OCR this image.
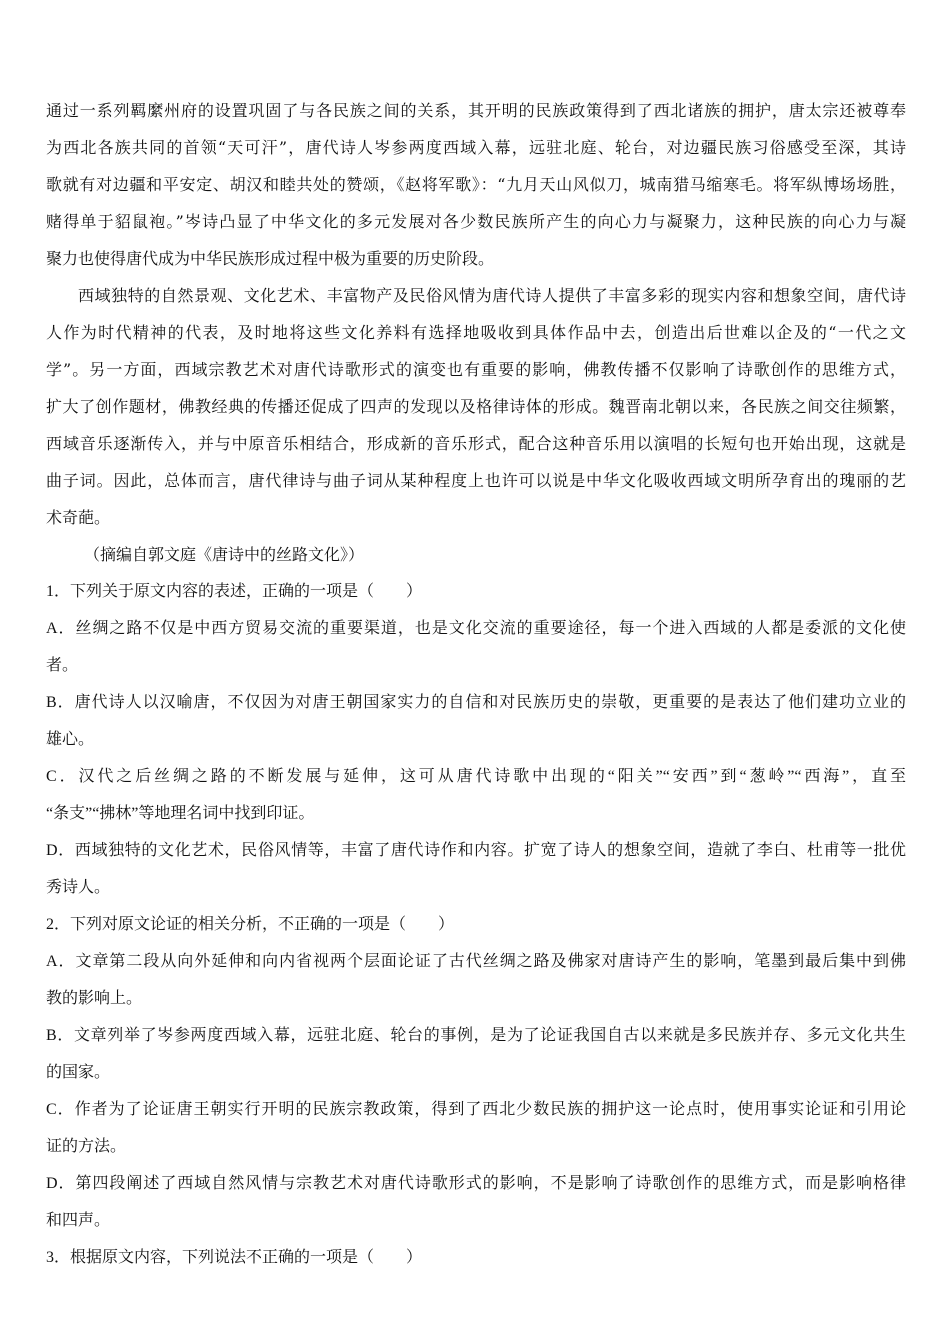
通过一系列羁縻州府的设置巩固了与各民族之间的关系，其开明的民族政策得到了西北诸族的拥护，唐太宗还被尊奉
为西北各族共同的首领“天可汗”，唐代诗人岑参两度西域入幕，远驻北庭、轮台，对边疆民族习俗感受至深，其诗
歌就有对边疆和平安定、胡汉和睦共处的赞颂，《赵将军歌》：“九月天山风似刀，城南猎马缩寒毛。将军纵博场场胜，
赌得单于貂鼠袍。”岑诗凸显了中华文化的多元发展对各少数民族所产生的向心力与凝聚力，这种民族的向心力与凝
聚力也使得唐代成为中华民族形成过程中极为重要的历史阶段。
西域独特的自然景观、文化艺术、丰富物产及民俗风情为唐代诗人提供了丰富多彩的现实内容和想象空间，唐代诗
人作为时代精神的代表，及时地将这些文化养料有选择地吸收到具体作品中去，创造出后世难以企及的“一代之文
学”。另一方面，西域宗教艺术对唐代诗歌形式的演变也有重要的影响，佛教传播不仅影响了诗歌创作的思维方式，
扩大了创作题材，佛教经典的传播还促成了四声的发现以及格律诗体的形成。魏晋南北朝以来，各民族之间交往频繁，
西域音乐逐渐传入，并与中原音乐相结合，形成新的音乐形式，配合这种音乐用以演唱的长短句也开始出现，这就是
曲子词。因此，总体而言，唐代律诗与曲子词从某种程度上也许可以说是中华文化吸收西域文明所孕育出的瑰丽的艺
术奇葩。
（摘编自郭文庭《唐诗中的丝路文化》）
1．下列关于原文内容的表述，正确的一项是（　　）
A．丝绸之路不仅是中西方贸易交流的重要渠道，也是文化交流的重要途径，每一个进入西域的人都是委派的文化使
者。
B．唐代诗人以汉喻唐，不仅因为对唐王朝国家实力的自信和对民族历史的崇敬，更重要的是表达了他们建功立业的
雄心。
C．汉代之后丝绸之路的不断发展与延伸，这可从唐代诗歌中出现的“阳关”“安西”到“葱岭”“西海”，直至
“条支”“拂林”等地理名词中找到印证。
D．西域独特的文化艺术，民俗风情等，丰富了唐代诗作和内容。扩宽了诗人的想象空间，造就了李白、杜甫等一批优
秀诗人。
2．下列对原文论证的相关分析，不正确的一项是（　　）
A．文章第二段从向外延伸和向内省视两个层面论证了古代丝绸之路及佛家对唐诗产生的影响，笔墨到最后集中到佛
教的影响上。
B．文章列举了岑参两度西域入幕，远驻北庭、轮台的事例，是为了论证我国自古以来就是多民族并存、多元文化共生
的国家。
C．作者为了论证唐王朝实行开明的民族宗教政策，得到了西北少数民族的拥护这一论点时，使用事实论证和引用论
证的方法。
D．第四段阐述了西域自然风情与宗教艺术对唐代诗歌形式的影响，不是影响了诗歌创作的思维方式，而是影响格律
和四声。
3．根据原文内容，下列说法不正确的一项是（　　）
